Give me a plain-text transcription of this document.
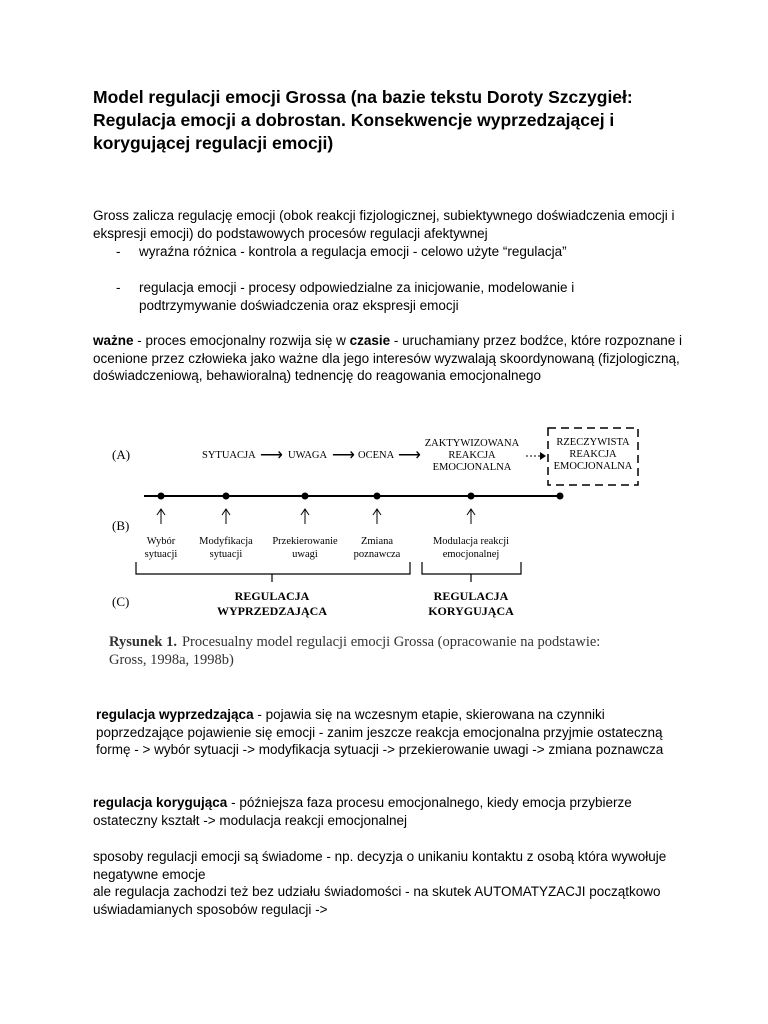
Model regulacji emocji Grossa (na bazie tekstu Doroty Szczygieł: Regulacja emocji a dobrostan. Konsekwencje wyprzedzającej i korygującej regulacji emocji)

Gross zalicza regulację emocji (obok reakcji fizjologicznej, subiektywnego doświadczenia emocji i ekspresji emocji) do podstawowych procesów regulacji afektywnej

- wyraźna różnica - kontrola a regulacja emocji - celowo użyte “regulacja”

- regulacja emocji - procesy odpowiedzialne za inicjowanie, modelowanie i podtrzymywanie doświadczenia oraz ekspresji emocji

ważne - proces emocjonalny rozwija się w czasie - uruchamiany przez bodźce, które rozpoznane i ocenione przez człowieka jako ważne dla jego interesów wyzwalają skoordynowaną (fizjologiczną, doświadczeniową, behawioralną) tednencję do reagowania emocjonalnego

(A)	SYTUACJA ⟶ UWAGA ⟶ OCENA ⟶
ZAKTYWIZOWANA
REAKCJA
EMOCJONALNA
RZECZYWISTA
REAKCJA
EMOCJONALNA
(B)
Wybór
sytuacji
Modyfikacja
sytuacji
Przekierowanie
uwagi
Zmiana
poznawcza
Modulacja reakcji
emocjonalnej
(C)	REGULACJA
WYPRZEDZAJĄCA
REGULACJA
KORYGUJĄCA
Rysunek 1. Procesualny model regulacji emocji Grossa (opracowanie na podstawie:
Gross, 1998a, 1998b)

regulacja wyprzedzająca - pojawia się na wczesnym etapie, skierowana na czynniki poprzedzające pojawienie się emocji - zanim jeszcze reakcja emocjonalna przyjmie ostateczną formę - > wybór sytuacji -> modyfikacja sytuacji -> przekierowanie uwagi -> zmiana poznawcza

regulacja korygująca - późniejsza faza procesu emocjonalnego, kiedy emocja przybierze ostateczny kształt -> modulacja reakcji emocjonalnej

sposoby regulacji emocji są świadome - np. decyzja o unikaniu kontaktu z osobą która wywołuje negatywne emocje
ale regulacja zachodzi też bez udziału świadomości - na skutek AUTOMATYZACJI początkowo uświadamianych sposobów regulacji ->
